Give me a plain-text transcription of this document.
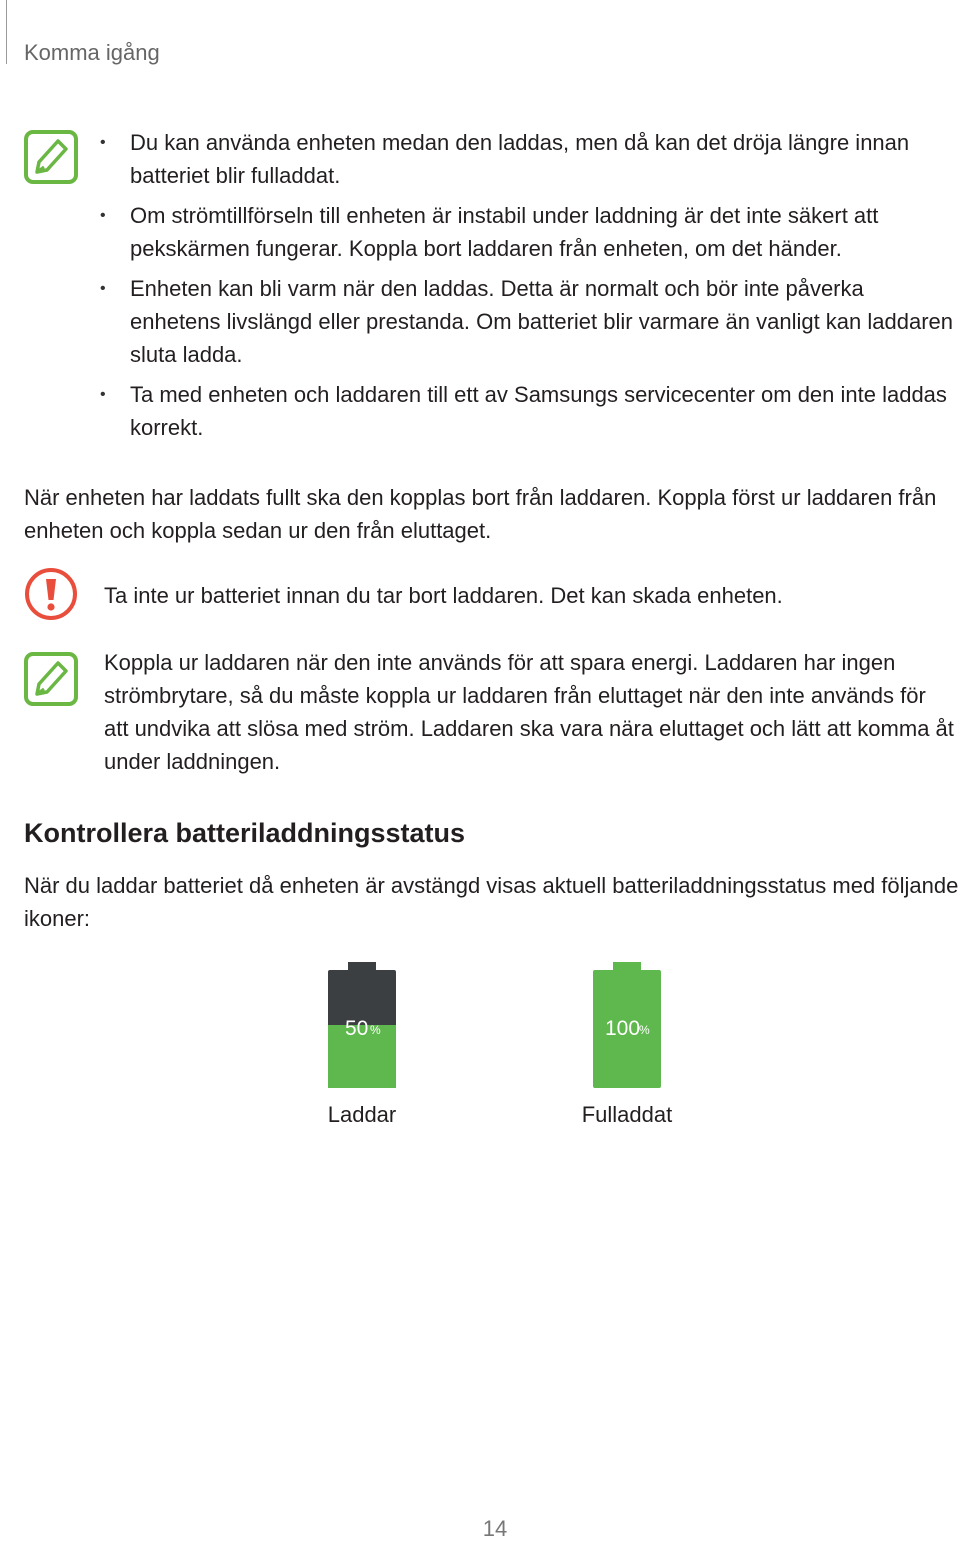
Komma igång
• Du kan använda enheten medan den laddas, men då kan det dröja längre innan batteriet blir fulladdat.
• Om strömtillförseln till enheten är instabil under laddning är det inte säkert att pekskärmen fungerar. Koppla bort laddaren från enheten, om det händer.
• Enheten kan bli varm när den laddas. Detta är normalt och bör inte påverka enhetens livslängd eller prestanda. Om batteriet blir varmare än vanligt kan laddaren sluta ladda.
• Ta med enheten och laddaren till ett av Samsungs servicecenter om den inte laddas korrekt.

När enheten har laddats fullt ska den kopplas bort från laddaren. Koppla först ur laddaren från enheten och koppla sedan ur den från eluttaget.

Ta inte ur batteriet innan du tar bort laddaren. Det kan skada enheten.

Koppla ur laddaren när den inte används för att spara energi. Laddaren har ingen strömbrytare, så du måste koppla ur laddaren från eluttaget när den inte används för att undvika att slösa med ström. Laddaren ska vara nära eluttaget och lätt att komma åt under laddningen.

Kontrollera batteriladdningsstatus

När du laddar batteriet då enheten är avstängd visas aktuell batteriladdningsstatus med följande ikoner:

50 %
Laddar
100
%
Fulladdat
14
